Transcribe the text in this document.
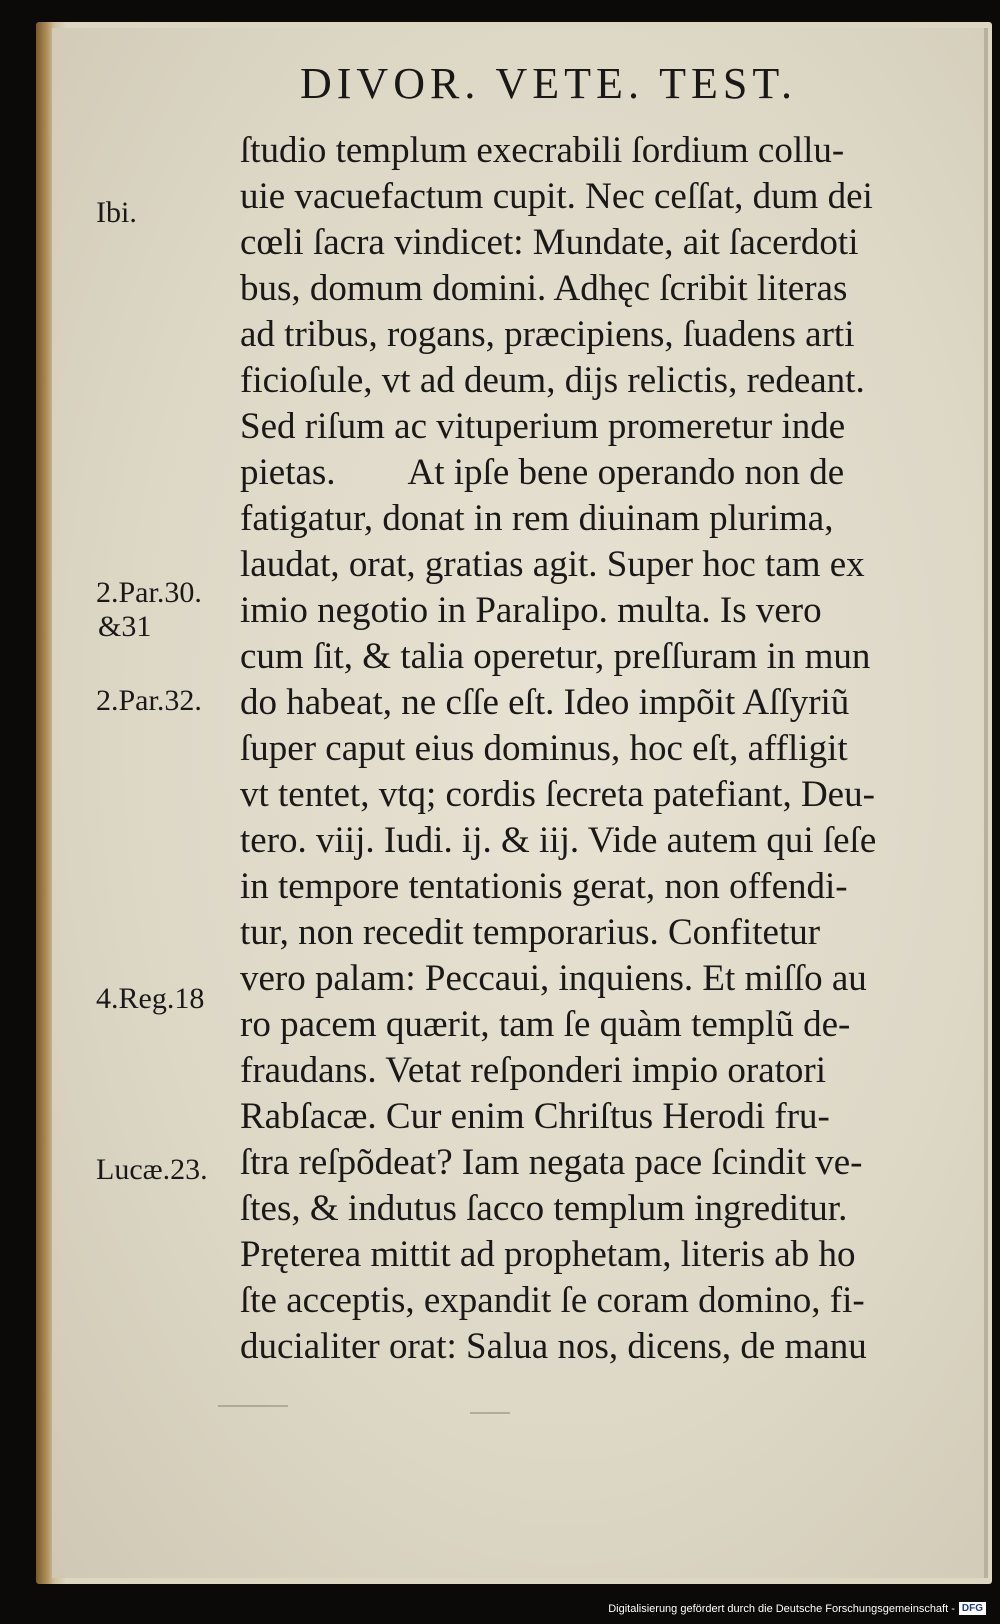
DIVOR. VETE. TEST.
ſtudio templum execrabili ſordium collu-
uie vacuefactum cupit. Nec ceſſat, dum dei
cœli ſacra vindicet: Mundate, ait ſacerdoti
bus, domum domini. Adhęc ſcribit literas
ad tribus, rogans, præcipiens, ſuadens arti
ficioſule, vt ad deum, dijs relictis, redeant.
Sed riſum ac vituperium promeretur inde
pietas.        At ipſe bene operando non de
fatigatur, donat in rem diuinam plurima,
laudat, orat, gratias agit. Super hoc tam ex
imio negotio in Paralipo. multa. Is vero
cum ſit, & talia operetur, preſſuram in mun
do habeat, ne cſſe eſt. Ideo impõit Aſſyriũ
ſuper caput eius dominus, hoc eſt, affligit
vt tentet, vtq; cordis ſecreta patefiant, Deu-
tero. viij. Iudi. ij. & iij. Vide autem qui ſeſe
in tempore tentationis gerat, non offendi-
tur, non recedit temporarius. Confitetur
vero palam: Peccaui, inquiens. Et miſſo au
ro pacem quærit, tam ſe quàm templũ de-
fraudans. Vetat reſponderi impio oratori
Rabſacæ. Cur enim Chriſtus Herodi fru-
ſtra reſpõdeat? Iam negata pace ſcindit ve-
ſtes, & indutus ſacco templum ingreditur.
Pręterea mittit ad prophetam, literis ab ho
ſte acceptis, expandit ſe coram domino, fi-
ducialiter orat: Salua nos, dicens, de manu
Ibi.
2.Par.30.
&31
2.Par.32.
4.Reg.18
Lucæ.23.
Digitalisierung gefördert durch die Deutsche Forschungsgemeinschaft - DFG
